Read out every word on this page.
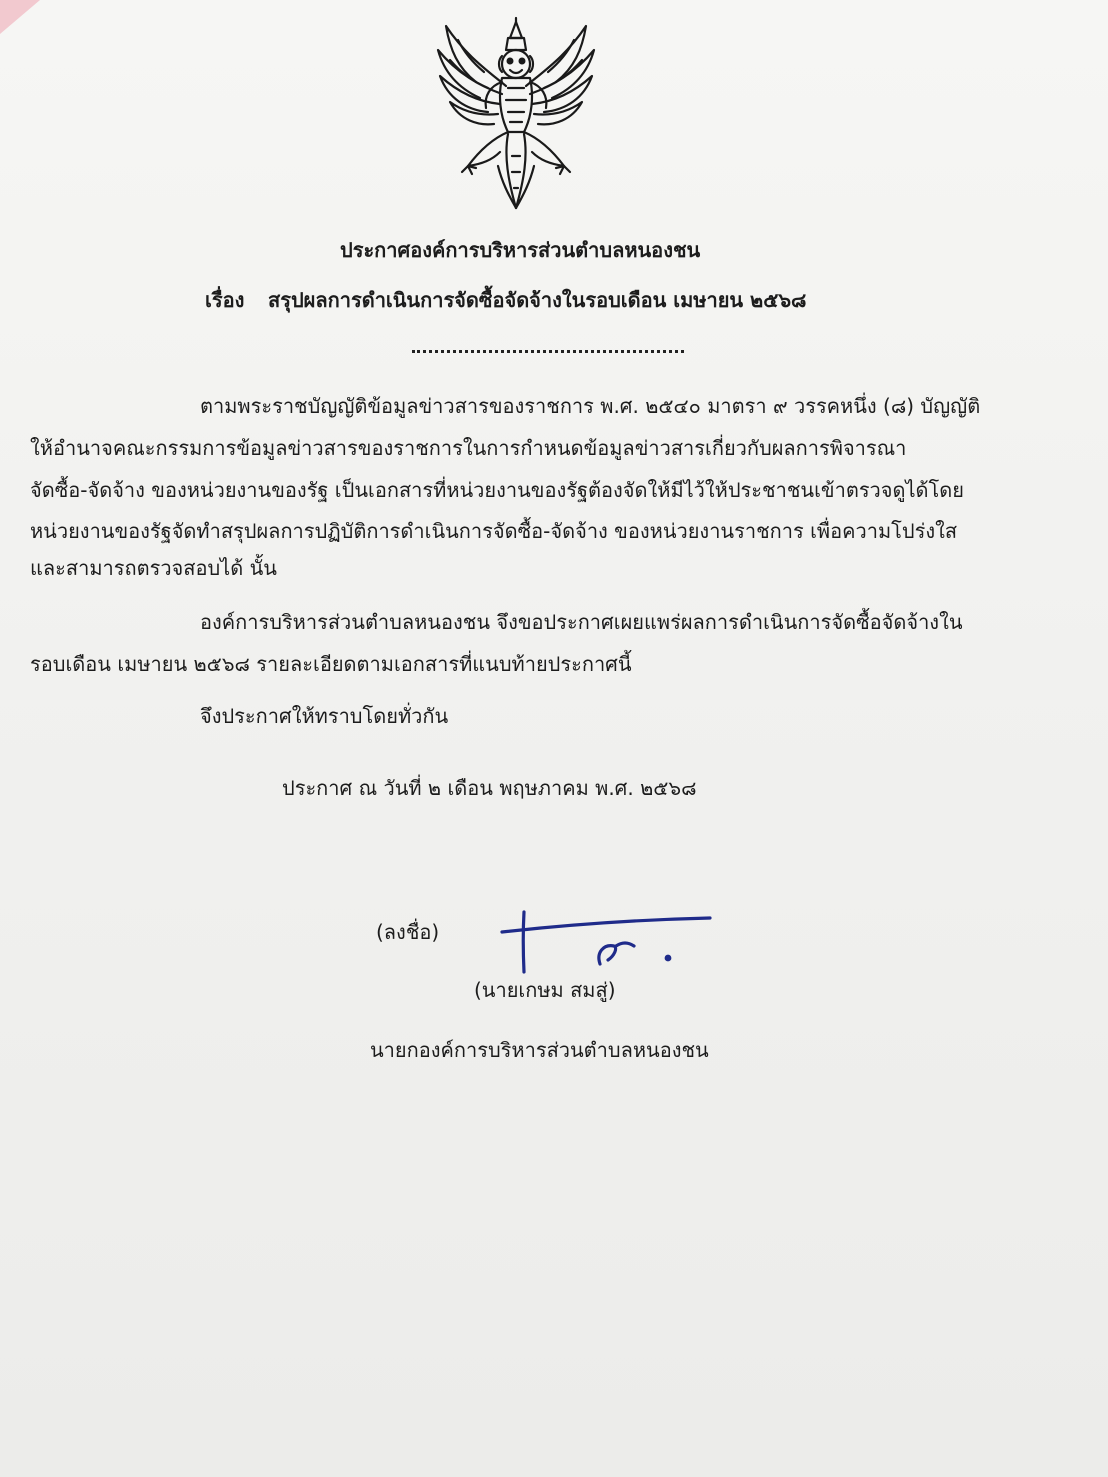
ประกาศองค์การบริหารส่วนตำบลหนองชน
เรื่อง สรุปผลการดำเนินการจัดซื้อจัดจ้างในรอบเดือน เมษายน ๒๕๖๘
ตามพระราชบัญญัติข้อมูลข่าวสารของราชการ พ.ศ. ๒๕๔๐ มาตรา ๙ วรรคหนึ่ง (๘) บัญญัติ
ให้อำนาจคณะกรรมการข้อมูลข่าวสารของราชการในการกำหนดข้อมูลข่าวสารเกี่ยวกับผลการพิจารณา
จัดซื้อ-จัดจ้าง ของหน่วยงานของรัฐ เป็นเอกสารที่หน่วยงานของรัฐต้องจัดให้มีไว้ให้ประชาชนเข้าตรวจดูได้โดย
หน่วยงานของรัฐจัดทำสรุปผลการปฏิบัติการดำเนินการจัดซื้อ-จัดจ้าง ของหน่วยงานราชการ เพื่อความโปร่งใส
และสามารถตรวจสอบได้ นั้น
องค์การบริหารส่วนตำบลหนองชน จึงขอประกาศเผยแพร่ผลการดำเนินการจัดซื้อจัดจ้างใน
รอบเดือน เมษายน ๒๕๖๘ รายละเอียดตามเอกสารที่แนบท้ายประกาศนี้
จึงประกาศให้ทราบโดยทั่วกัน
ประกาศ ณ วันที่ ๒ เดือน พฤษภาคม พ.ศ. ๒๕๖๘
(ลงชื่อ)
(นายเกษม สมสู่)
นายกองค์การบริหารส่วนตำบลหนองชน
